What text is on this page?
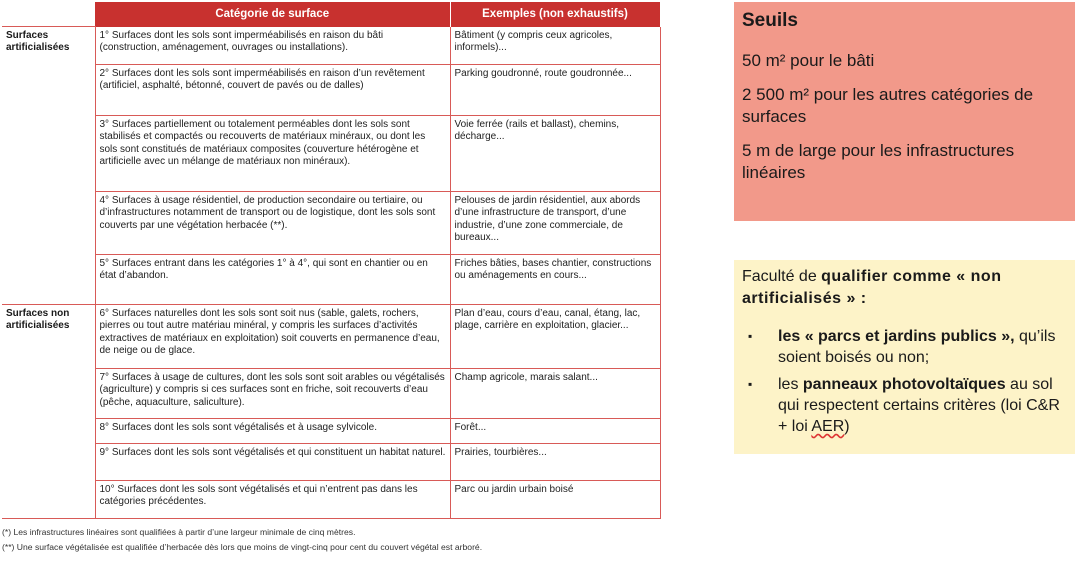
	Catégorie de surface	Exemples (non exhaustifs)
Surfaces artificialisées	1° Surfaces dont les sols sont imperméabilisés en raison du bâti (construction, aménagement, ouvrages ou installations).	Bâtiment (y compris ceux agricoles, informels)...
	2° Surfaces dont les sols sont imperméabilisés en raison d’un revêtement (artificiel, asphalté, bétonné, couvert de pavés ou de dalles)	Parking goudronné, route goudronnée...
	3° Surfaces partiellement ou totalement perméables dont les sols sont stabilisés et compactés ou recouverts de matériaux minéraux, ou dont les sols sont constitués de matériaux composites (couverture hétérogène et artificielle avec un mélange de matériaux non minéraux).	Voie ferrée (rails et ballast), chemins, décharge...
	4° Surfaces à usage résidentiel, de production secondaire ou tertiaire, ou d’infrastructures notamment de transport ou de logistique, dont les sols sont couverts par une végétation herbacée (**).	Pelouses de jardin résidentiel, aux abords d’une infrastructure de transport, d’une industrie, d’une zone commerciale, de bureaux...
	5° Surfaces entrant dans les catégories 1° à 4°, qui sont en chantier ou en état d’abandon.	Friches bâties, bases chantier, constructions ou aménagements en cours...
Surfaces non artificialisées	6° Surfaces naturelles dont les sols sont soit nus (sable, galets, rochers, pierres ou tout autre matériau minéral, y compris les surfaces d’activités extractives de matériaux en exploitation) soit couverts en permanence d’eau, de neige ou de glace.	Plan d’eau, cours d’eau, canal, étang, lac, plage, carrière en exploitation, glacier...
	7° Surfaces à usage de cultures, dont les sols sont soit arables ou végétalisés (agriculture) y compris si ces surfaces sont en friche, soit recouverts d’eau (pêche, aquaculture, saliculture).	Champ agricole, marais salant...
	8° Surfaces dont les sols sont végétalisés et à usage sylvicole.	Forêt...
	9° Surfaces dont les sols sont végétalisés et qui constituent un habitat naturel.	Prairies, tourbières...
	10° Surfaces dont les sols sont végétalisés et qui n’entrent pas dans les catégories précédentes.	Parc ou jardin urbain boisé
(*) Les infrastructures linéaires sont qualifiées à partir d’une largeur minimale de cinq mètres.
(**) Une surface végétalisée est qualifiée d’herbacée dès lors que moins de vingt-cinq pour cent du couvert végétal est arboré.
Seuils
50 m² pour le bâti
2 500 m² pour les autres catégories de surfaces
5 m de large pour les infrastructures linéaires
Faculté de qualifier comme « non artificialisés » :
▪ les « parcs et jardins publics », qu’ils soient boisés ou non;
▪ les panneaux photovoltaïques au sol qui respectent certains critères (loi C&R + loi AER)
